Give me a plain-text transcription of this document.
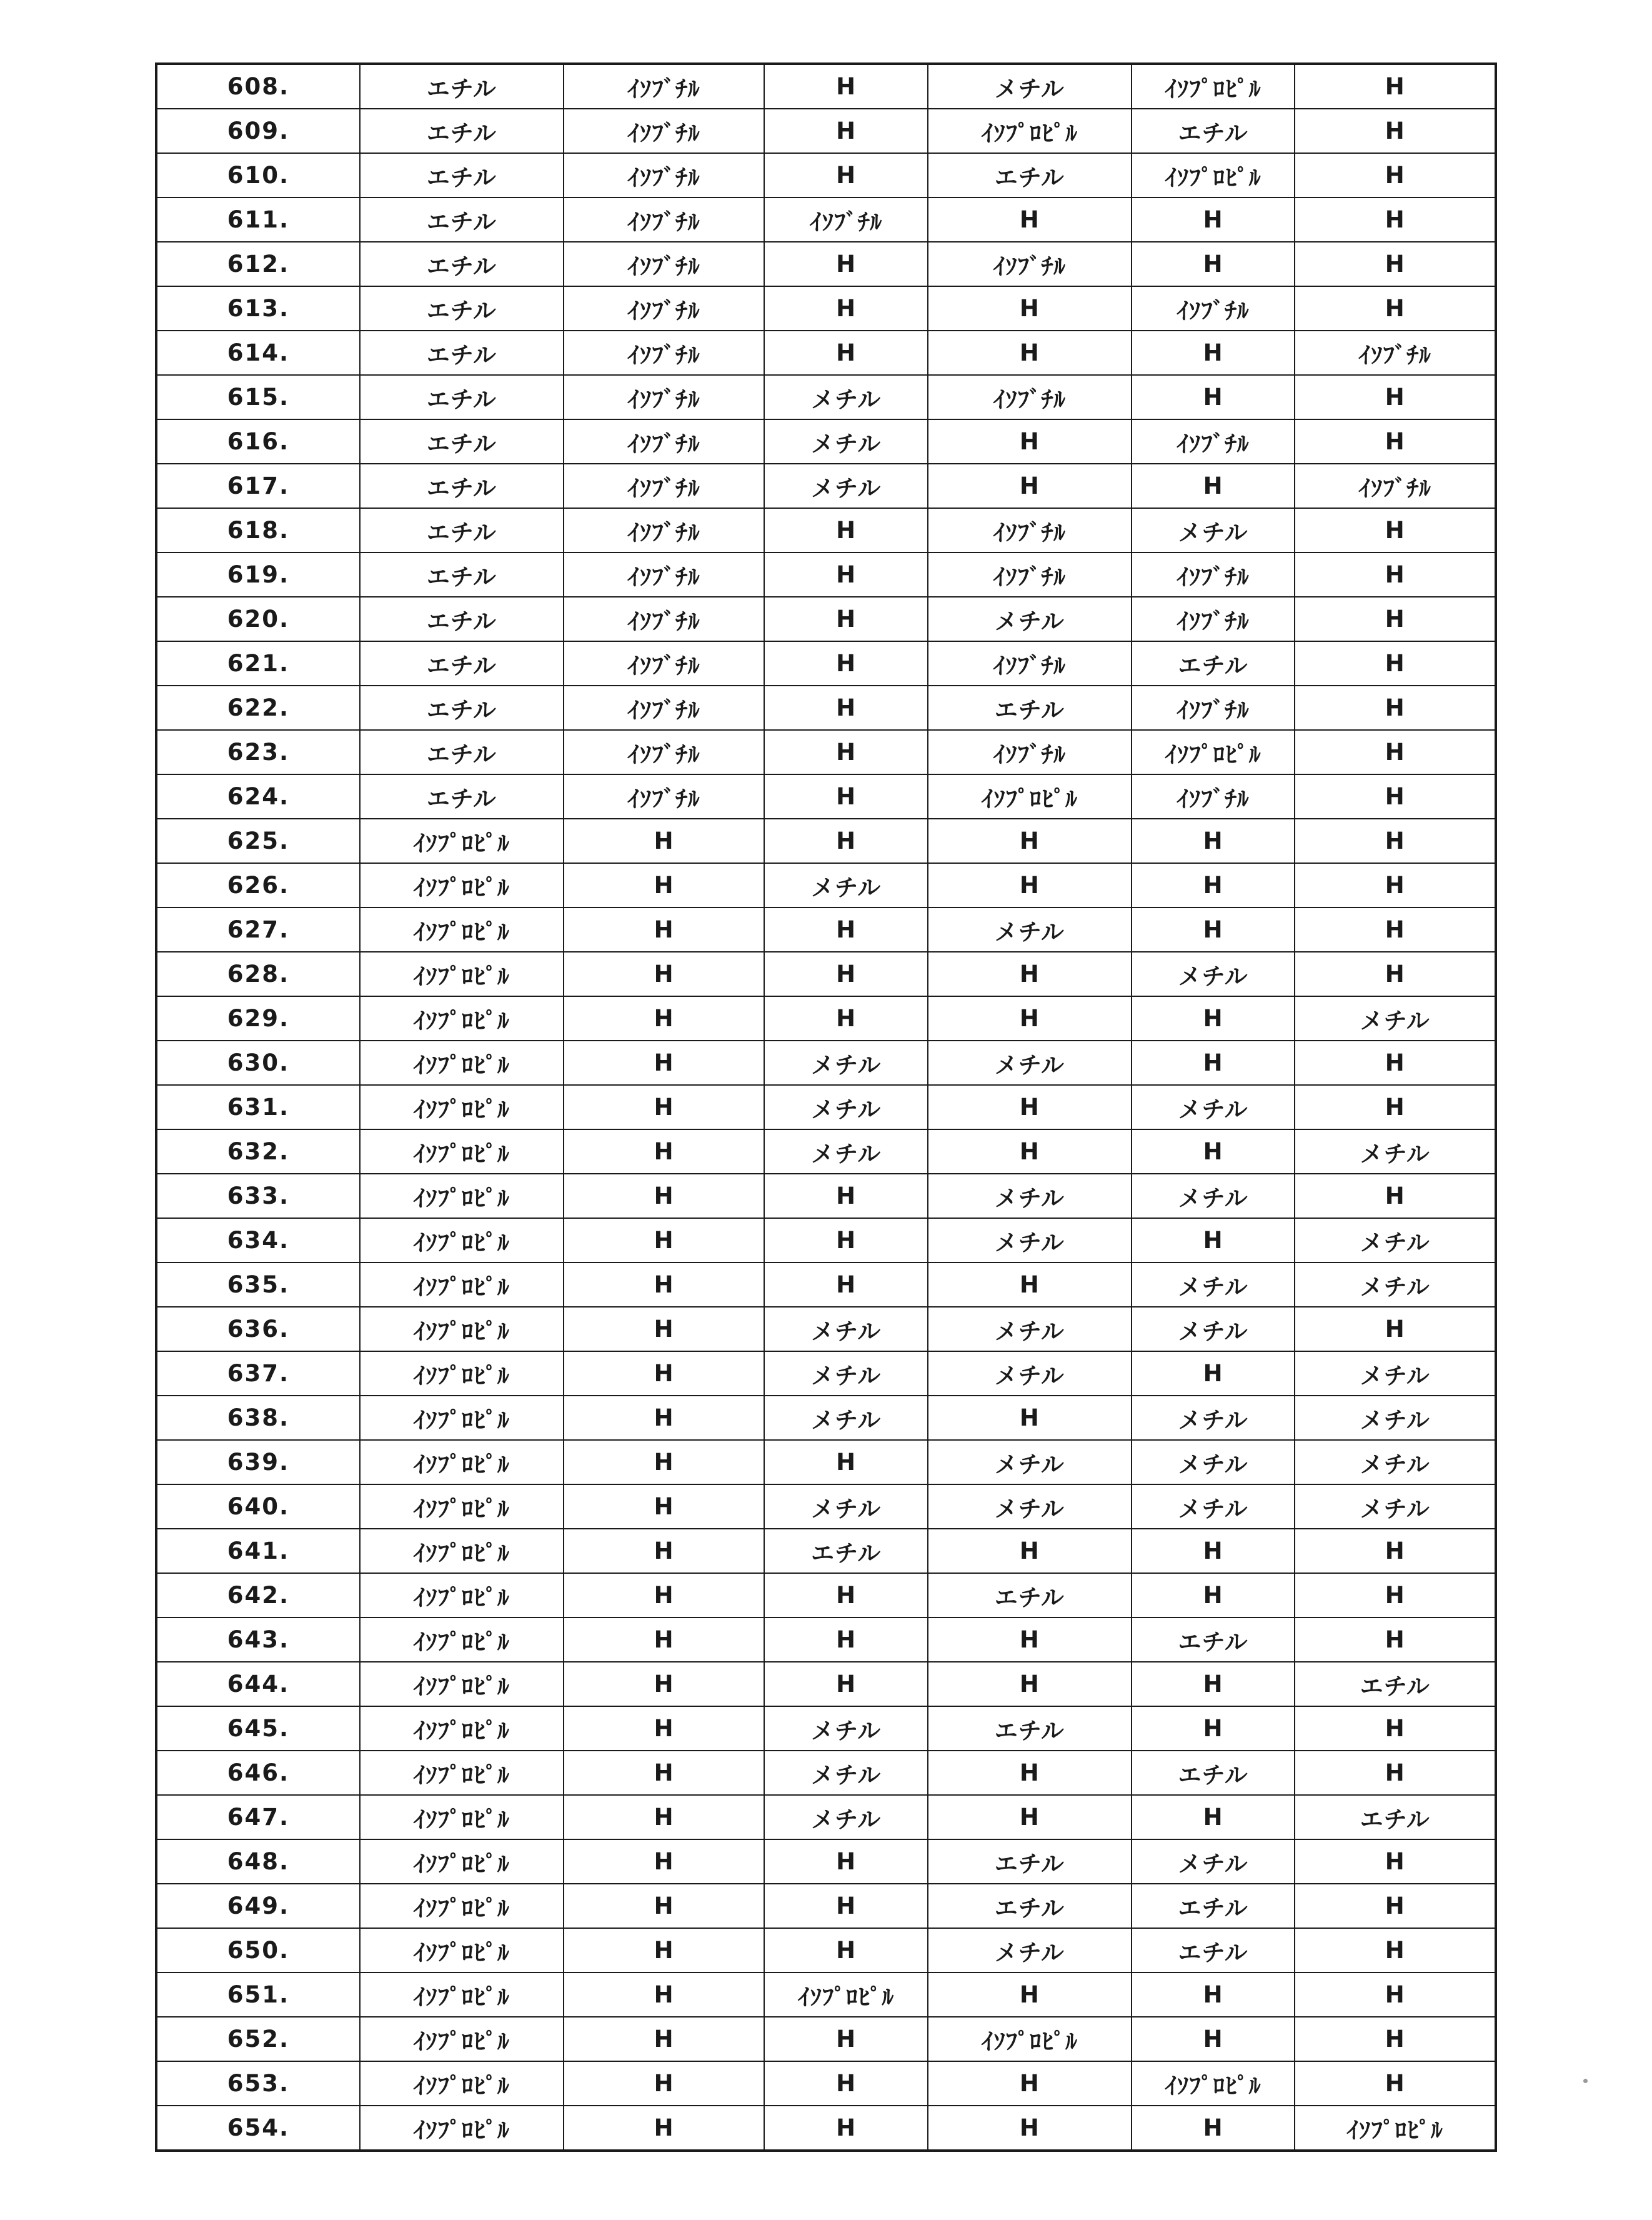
608.	エチル	ｲｿﾌﾞﾁﾙ	H	メチル	ｲｿﾌﾟﾛﾋﾟﾙ	H
609.	エチル	ｲｿﾌﾞﾁﾙ	H	ｲｿﾌﾟﾛﾋﾟﾙ	エチル	H
610.	エチル	ｲｿﾌﾞﾁﾙ	H	エチル	ｲｿﾌﾟﾛﾋﾟﾙ	H
611.	エチル	ｲｿﾌﾞﾁﾙ	ｲｿﾌﾞﾁﾙ	H	H	H
612.	エチル	ｲｿﾌﾞﾁﾙ	H	ｲｿﾌﾞﾁﾙ	H	H
613.	エチル	ｲｿﾌﾞﾁﾙ	H	H	ｲｿﾌﾞﾁﾙ	H
614.	エチル	ｲｿﾌﾞﾁﾙ	H	H	H	ｲｿﾌﾞﾁﾙ
615.	エチル	ｲｿﾌﾞﾁﾙ	メチル	ｲｿﾌﾞﾁﾙ	H	H
616.	エチル	ｲｿﾌﾞﾁﾙ	メチル	H	ｲｿﾌﾞﾁﾙ	H
617.	エチル	ｲｿﾌﾞﾁﾙ	メチル	H	H	ｲｿﾌﾞﾁﾙ
618.	エチル	ｲｿﾌﾞﾁﾙ	H	ｲｿﾌﾞﾁﾙ	メチル	H
619.	エチル	ｲｿﾌﾞﾁﾙ	H	ｲｿﾌﾞﾁﾙ	ｲｿﾌﾞﾁﾙ	H
620.	エチル	ｲｿﾌﾞﾁﾙ	H	メチル	ｲｿﾌﾞﾁﾙ	H
621.	エチル	ｲｿﾌﾞﾁﾙ	H	ｲｿﾌﾞﾁﾙ	エチル	H
622.	エチル	ｲｿﾌﾞﾁﾙ	H	エチル	ｲｿﾌﾞﾁﾙ	H
623.	エチル	ｲｿﾌﾞﾁﾙ	H	ｲｿﾌﾞﾁﾙ	ｲｿﾌﾟﾛﾋﾟﾙ	H
624.	エチル	ｲｿﾌﾞﾁﾙ	H	ｲｿﾌﾟﾛﾋﾟﾙ	ｲｿﾌﾞﾁﾙ	H
625.	ｲｿﾌﾟﾛﾋﾟﾙ	H	H	H	H	H
626.	ｲｿﾌﾟﾛﾋﾟﾙ	H	メチル	H	H	H
627.	ｲｿﾌﾟﾛﾋﾟﾙ	H	H	メチル	H	H
628.	ｲｿﾌﾟﾛﾋﾟﾙ	H	H	H	メチル	H
629.	ｲｿﾌﾟﾛﾋﾟﾙ	H	H	H	H	メチル
630.	ｲｿﾌﾟﾛﾋﾟﾙ	H	メチル	メチル	H	H
631.	ｲｿﾌﾟﾛﾋﾟﾙ	H	メチル	H	メチル	H
632.	ｲｿﾌﾟﾛﾋﾟﾙ	H	メチル	H	H	メチル
633.	ｲｿﾌﾟﾛﾋﾟﾙ	H	H	メチル	メチル	H
634.	ｲｿﾌﾟﾛﾋﾟﾙ	H	H	メチル	H	メチル
635.	ｲｿﾌﾟﾛﾋﾟﾙ	H	H	H	メチル	メチル
636.	ｲｿﾌﾟﾛﾋﾟﾙ	H	メチル	メチル	メチル	H
637.	ｲｿﾌﾟﾛﾋﾟﾙ	H	メチル	メチル	H	メチル
638.	ｲｿﾌﾟﾛﾋﾟﾙ	H	メチル	H	メチル	メチル
639.	ｲｿﾌﾟﾛﾋﾟﾙ	H	H	メチル	メチル	メチル
640.	ｲｿﾌﾟﾛﾋﾟﾙ	H	メチル	メチル	メチル	メチル
641.	ｲｿﾌﾟﾛﾋﾟﾙ	H	エチル	H	H	H
642.	ｲｿﾌﾟﾛﾋﾟﾙ	H	H	エチル	H	H
643.	ｲｿﾌﾟﾛﾋﾟﾙ	H	H	H	エチル	H
644.	ｲｿﾌﾟﾛﾋﾟﾙ	H	H	H	H	エチル
645.	ｲｿﾌﾟﾛﾋﾟﾙ	H	メチル	エチル	H	H
646.	ｲｿﾌﾟﾛﾋﾟﾙ	H	メチル	H	エチル	H
647.	ｲｿﾌﾟﾛﾋﾟﾙ	H	メチル	H	H	エチル
648.	ｲｿﾌﾟﾛﾋﾟﾙ	H	H	エチル	メチル	H
649.	ｲｿﾌﾟﾛﾋﾟﾙ	H	H	エチル	エチル	H
650.	ｲｿﾌﾟﾛﾋﾟﾙ	H	H	メチル	エチル	H
651.	ｲｿﾌﾟﾛﾋﾟﾙ	H	ｲｿﾌﾟﾛﾋﾟﾙ	H	H	H
652.	ｲｿﾌﾟﾛﾋﾟﾙ	H	H	ｲｿﾌﾟﾛﾋﾟﾙ	H	H
653.	ｲｿﾌﾟﾛﾋﾟﾙ	H	H	H	ｲｿﾌﾟﾛﾋﾟﾙ	H
654.	ｲｿﾌﾟﾛﾋﾟﾙ	H	H	H	H	ｲｿﾌﾟﾛﾋﾟﾙ
